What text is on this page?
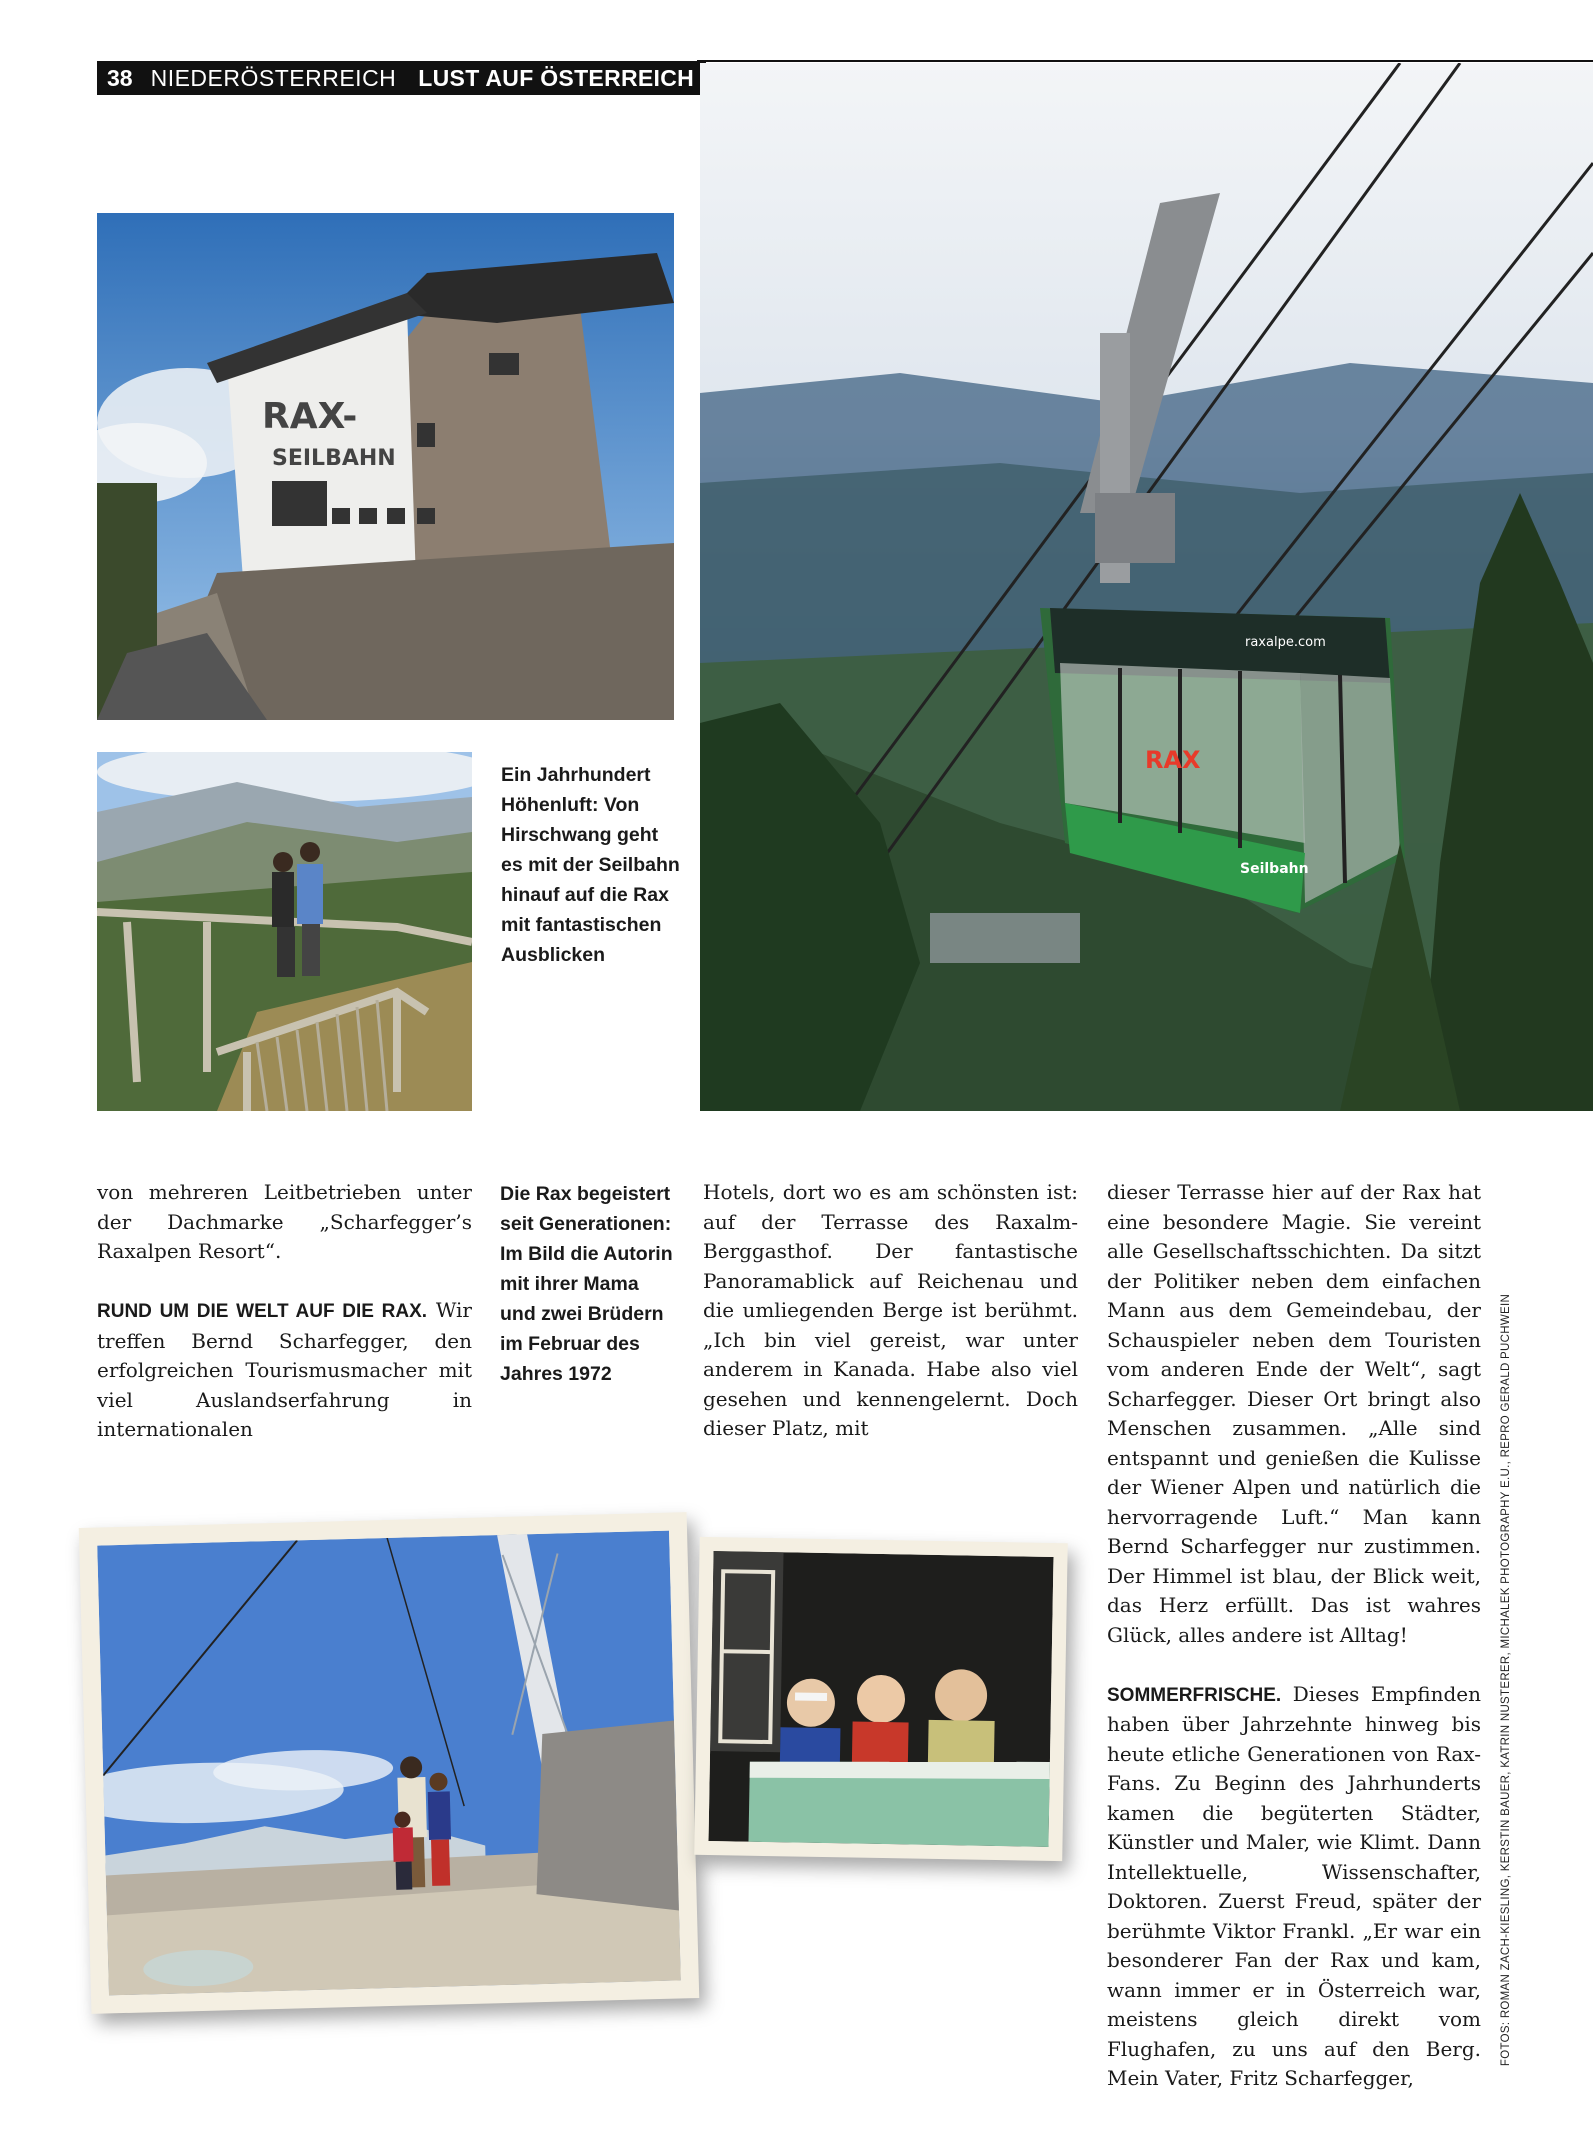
38 NIEDERÖSTERREICH LUST AUF ÖSTERREICH
RAX-
SEILBAHN
Ein Jahrhundert
Höhenluft: Von
Hirschwang geht
es mit der Seilbahn
hinauf auf die Rax
mit fantastischen
Ausblicken
raxalpe.com
RAX
Seilbahn

von mehreren Leitbetrieben unter der Dachmarke „Scharfegger’s Raxalpen Resort“.

RUND UM DIE WELT AUF DIE RAX. Wir treffen Bernd Scharfegger, den erfolgreichen Tourismusmacher mit viel Auslandserfahrung in internationalen

Die Rax begeistert
seit Generationen:
Im Bild die Autorin
mit ihrer Mama
und zwei Brüdern
im Februar des
Jahres 1972

Hotels, dort wo es am schönsten ist: auf der Terrasse des Raxalm-Berggasthof. Der fantastische Panoramablick auf Reichenau und die umliegenden Berge ist berühmt. „Ich bin viel gereist, war unter anderem in Kanada. Habe also viel gesehen und kennengelernt. Doch dieser Platz, mit

dieser Terrasse hier auf der Rax hat eine besondere Magie. Sie vereint alle Gesellschaftsschichten. Da sitzt der Politiker neben dem einfachen Mann aus dem Gemeindebau, der Schauspieler neben dem Touristen vom anderen Ende der Welt“, sagt Scharfegger. Dieser Ort bringt also Menschen zusammen. „Alle sind entspannt und genießen die Kulisse der Wiener Alpen und natürlich die hervorragende Luft.“ Man kann Bernd Scharfegger nur zustimmen. Der Himmel ist blau, der Blick weit, das Herz erfüllt. Das ist wahres Glück, alles andere ist Alltag!

SOMMERFRISCHE. Dieses Empfinden haben über Jahrzehnte hinweg bis heute etliche Generationen von Rax-Fans. Zu Beginn des Jahrhunderts kamen die begüterten Städter, Künstler und Maler, wie Klimt. Dann Intellektuelle, Wissenschafter, Doktoren. Zuerst Freud, später der berühmte Viktor Frankl. „Er war ein besonderer Fan der Rax und kam, wann immer er in Österreich war, meistens gleich direkt vom Flughafen, zu uns auf den Berg. Mein Vater, Fritz Scharfegger,

FOTOS: ROMAN ZACH-KIESLING, KERSTIN BAUER, KATRIN NUSTERER, MICHALEK PHOTOGRAPHY E.U., REPRO GERALD PUCHWEIN
